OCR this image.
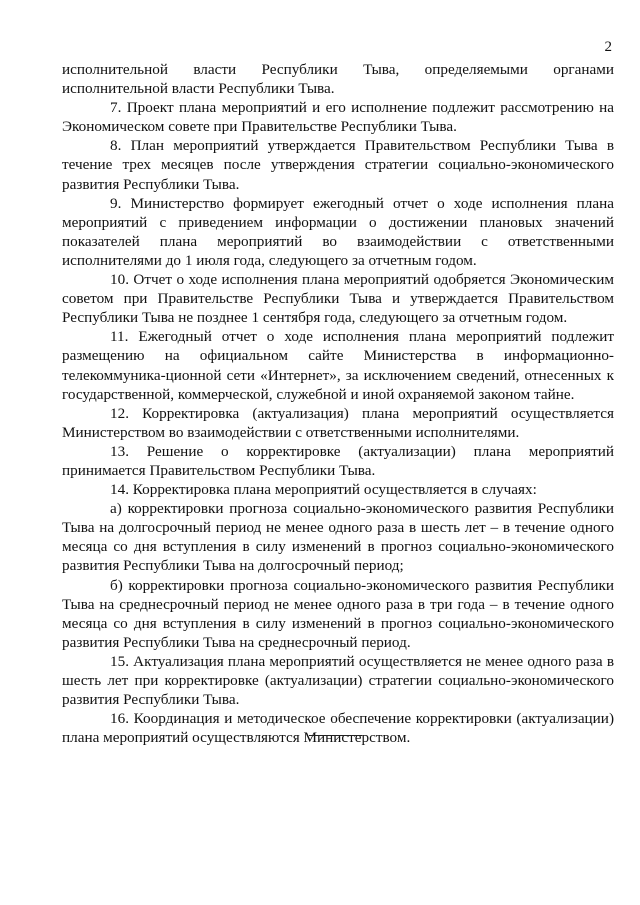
2

исполнительной власти Республики Тыва, определяемыми органами исполнительной власти Республики Тыва.

7. Проект плана мероприятий и его исполнение подлежит рассмотрению на Экономическом совете при Правительстве Республики Тыва.

8. План мероприятий утверждается Правительством Республики Тыва в течение трех месяцев после утверждения стратегии социально-экономического развития Республики Тыва.

9. Министерство формирует ежегодный отчет о ходе исполнения плана мероприятий с приведением информации о достижении плановых значений показателей плана мероприятий во взаимодействии с ответственными исполнителями до 1 июля года, следующего за отчетным годом.

10. Отчет о ходе исполнения плана мероприятий одобряется Экономическим советом при Правительстве Республики Тыва и утверждается Правительством Республики Тыва не позднее 1 сентября года, следующего за отчетным годом.

11. Ежегодный отчет о ходе исполнения плана мероприятий подлежит размещению на официальном сайте Министерства в информационно-телекоммуника-ционной сети «Интернет», за исключением сведений, отнесенных к государственной, коммерческой, служебной и иной охраняемой законом тайне.

12. Корректировка (актуализация) плана мероприятий осуществляется Министерством во взаимодействии с ответственными исполнителями.

13. Решение о корректировке (актуализации) плана мероприятий принимается Правительством Республики Тыва.

14. Корректировка плана мероприятий осуществляется в случаях:

а) корректировки прогноза социально-экономического развития Республики Тыва на долгосрочный период не менее одного раза в шесть лет – в течение одного месяца со дня вступления в силу изменений в прогноз социально-экономического развития Республики Тыва на долгосрочный период;

б) корректировки прогноза социально-экономического развития Республики Тыва на среднесрочный период не менее одного раза в три года – в течение одного месяца со дня вступления в силу изменений в прогноз социально-экономического развития Республики Тыва на среднесрочный период.

15. Актуализация плана мероприятий осуществляется не менее одного раза в шесть лет при корректировке (актуализации) стратегии социально-экономического развития Республики Тыва.

16. Координация и методическое обеспечение корректировки (актуализации) плана мероприятий осуществляются Министерством.
